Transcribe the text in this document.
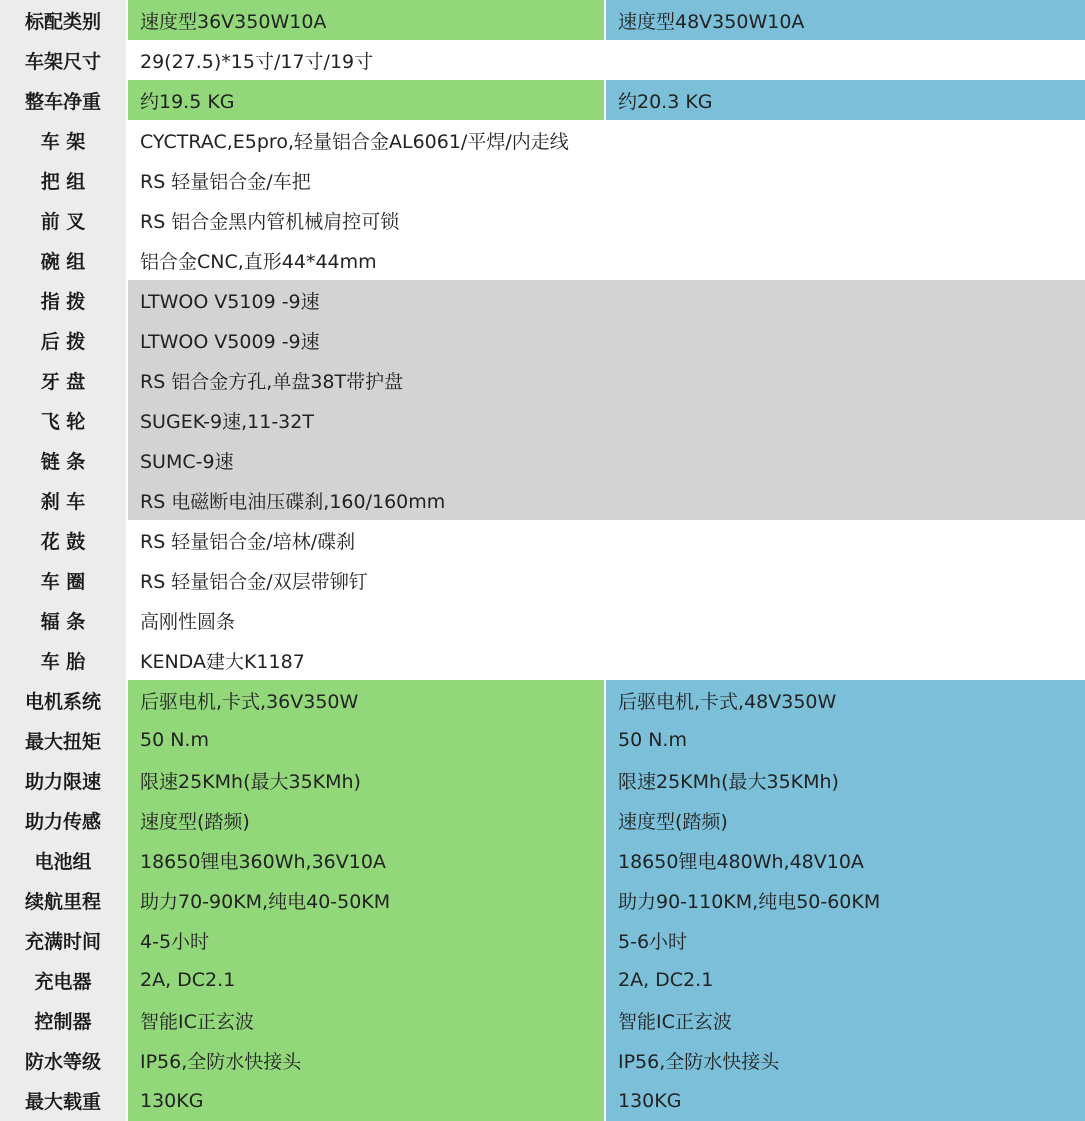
标配类别	速度型36V350W10A	速度型48V350W10A
车架尺寸	29(27.5)*15寸/17寸/19寸
整车净重	约19.5 KG	约20.3 KG
车 架	CYCTRAC,E5pro,轻量铝合金AL6061/平焊/内走线
把 组	RS 轻量铝合金/车把
前 叉	RS 铝合金黑内管机械肩控可锁
碗 组	铝合金CNC,直形44*44mm
指 拨	LTWOO V5109 -9速
后 拨	LTWOO V5009 -9速
牙 盘	RS 铝合金方孔,单盘38T带护盘
飞 轮	SUGEK-9速,11-32T
链 条	SUMC-9速
刹 车	RS 电磁断电油压碟刹,160/160mm
花 鼓	RS 轻量铝合金/培林/碟刹
车 圈	RS 轻量铝合金/双层带铆钉
辐 条	高刚性圆条
车 胎	KENDA建大K1187
电机系统	后驱电机,卡式,36V350W	后驱电机,卡式,48V350W
最大扭矩	50 N.m	50 N.m
助力限速	限速25KMh(最大35KMh)	限速25KMh(最大35KMh)
助力传感	速度型(踏频)	速度型(踏频)
电池组	18650锂电360Wh,36V10A	18650锂电480Wh,48V10A
续航里程	助力70-90KM,纯电40-50KM	助力90-110KM,纯电50-60KM
充满时间	4-5小时	5-6小时
充电器	2A, DC2.1	2A, DC2.1
控制器	智能IC正玄波	智能IC正玄波
防水等级	IP56,全防水快接头	IP56,全防水快接头
最大载重	130KG	130KG
